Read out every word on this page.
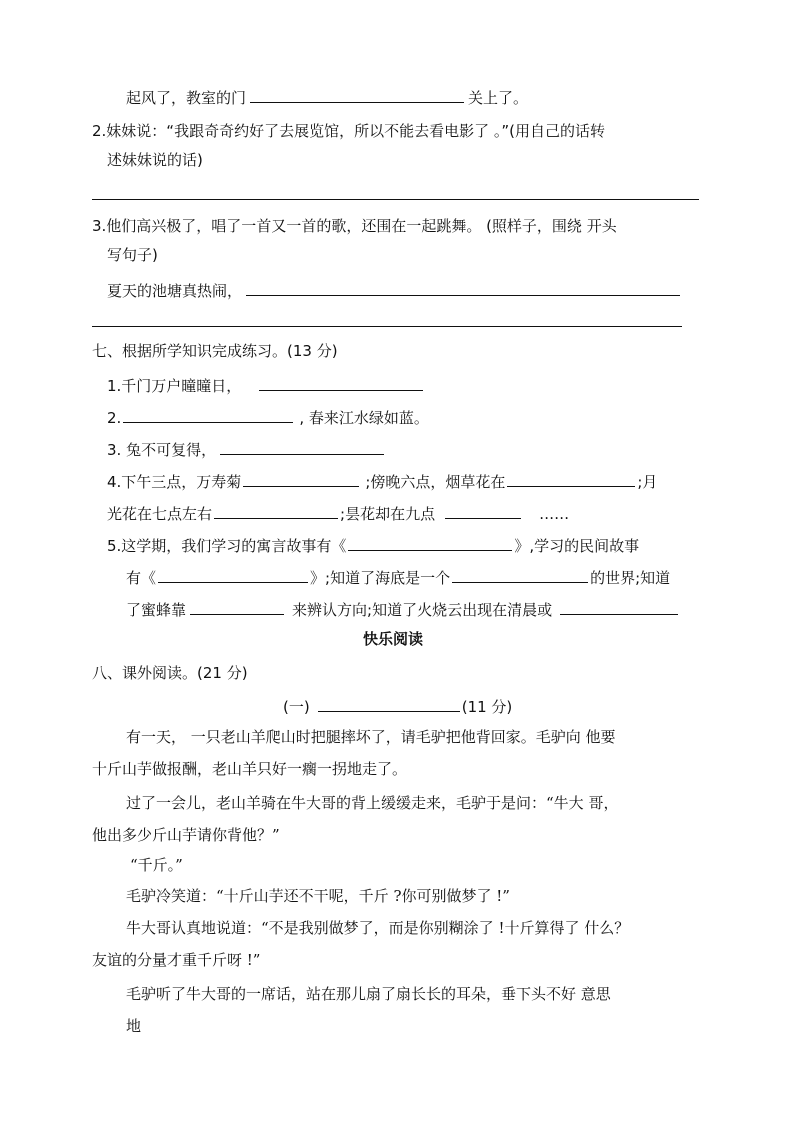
起风了，教室的门	关上了。
2.妹妹说：“我跟奇奇约好了去展览馆，所以不能去看电影了 。”(用自己的话转
述妹妹说的话)
3.他们高兴极了，唱了一首又一首的歌，还围在一起跳舞。 (照样子，围绕 开头
写句子)
夏天的池塘真热闹，
七、根据所学知识完成练习。(13 分)
1.千门万户曈曈日，
2.	, 春来江水绿如蓝。
3. 兔不可复得，
4.下午三点，万寿菊	;傍晚六点，烟草花在	;月
光花在七点左右	;昙花却在九点	……
5.这学期，我们学习的寓言故事有《	》,学习的民间故事
有《	》;知道了海底是一个	的世界;知道
了蜜蜂靠	来辨认方向;知道了火烧云出现在清晨或
快乐阅读
八、课外阅读。(21 分)
(一)	(11 分)
有一天， 一只老山羊爬山时把腿摔坏了，请毛驴把他背回家。毛驴向 他要
十斤山芋做报酬，老山羊只好一瘸一拐地走了。
过了一会儿，老山羊骑在牛大哥的背上缓缓走来，毛驴于是问：“牛大 哥，
他出多少斤山芋请你背他？”
“千斤。”
毛驴冷笑道：“十斤山芋还不干呢，千斤 ?你可别做梦了 !”
牛大哥认真地说道：“不是我别做梦了，而是你别糊涂了 !十斤算得了 什么？
友谊的分量才重千斤呀 !”
毛驴听了牛大哥的一席话，站在那儿扇了扇长长的耳朵，垂下头不好 意思
地
